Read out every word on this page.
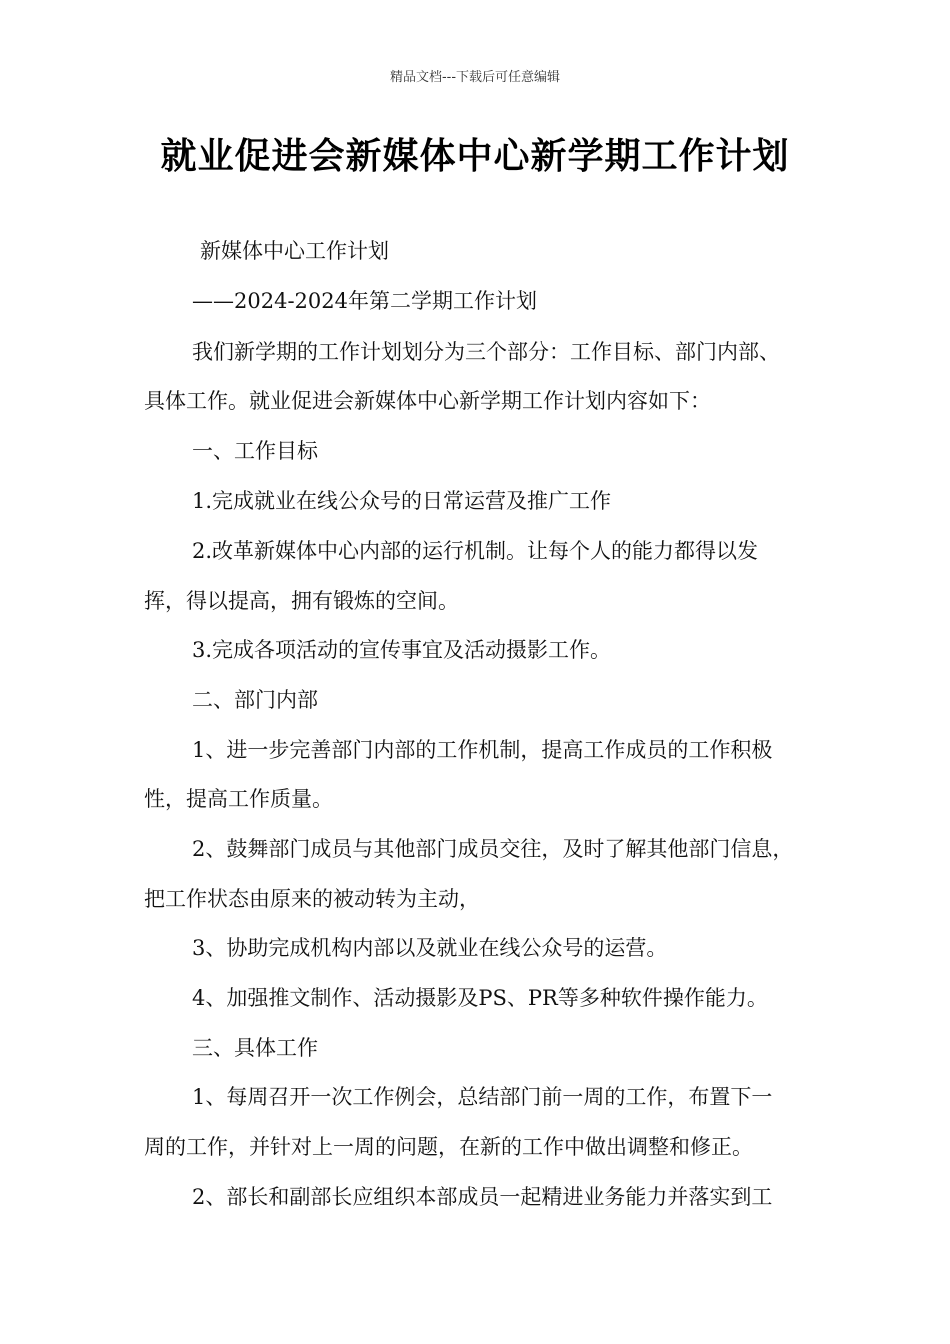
精品文档---下载后可任意编辑
就业促进会新媒体中心新学期工作计划
新媒体中心工作计划
——2024-2024年第二学期工作计划
我们新学期的工作计划划分为三个部分：工作目标、部门内部、
具体工作。就业促进会新媒体中心新学期工作计划内容如下：
一、工作目标
1.完成就业在线公众号的日常运营及推广工作
2.改革新媒体中心内部的运行机制。让每个人的能力都得以发
挥，得以提高，拥有锻炼的空间。
3.完成各项活动的宣传事宜及活动摄影工作。
二、部门内部
1、进一步完善部门内部的工作机制，提高工作成员的工作积极
性，提高工作质量。
2、鼓舞部门成员与其他部门成员交往，及时了解其他部门信息，
把工作状态由原来的被动转为主动，
3、协助完成机构内部以及就业在线公众号的运营。
4、加强推文制作、活动摄影及PS、PR等多种软件操作能力。
三、具体工作
1、每周召开一次工作例会，总结部门前一周的工作，布置下一
周的工作，并针对上一周的问题，在新的工作中做出调整和修正。
2、部长和副部长应组织本部成员一起精进业务能力并落实到工
